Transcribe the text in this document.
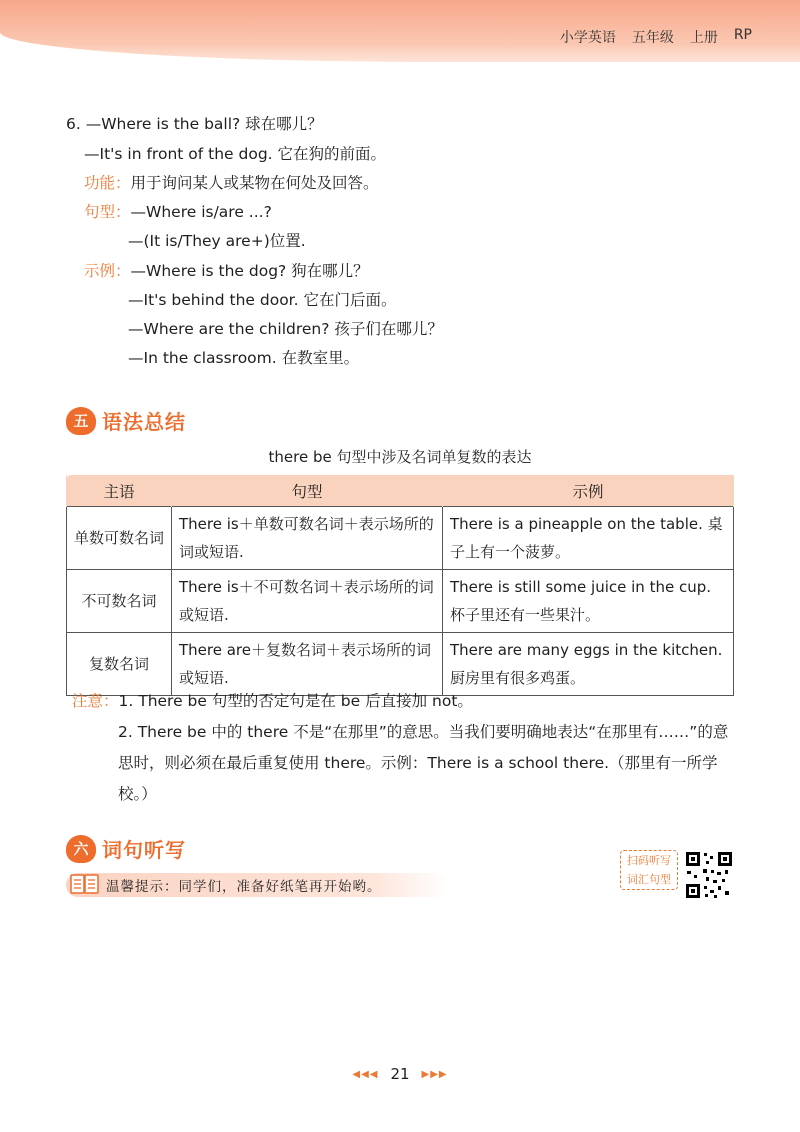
小学英语 五年级 上册 RP
6. —Where is the ball? 球在哪儿？
—It's in front of the dog. 它在狗的前面。
功能：用于询问某人或某物在何处及回答。
句型：—Where is/are ...?
—(It is/They are+)位置.
示例：—Where is the dog? 狗在哪儿？
—It's behind the door. 它在门后面。
—Where are the children? 孩子们在哪儿？
—In the classroom. 在教室里。
五 语法总结
there be 句型中涉及名词单复数的表达
主语	句型	示例
单数可数名词	There is＋单数可数名词＋表示场所的词或短语.	There is a pineapple on the table. 桌子上有一个菠萝。
不可数名词	There is＋不可数名词＋表示场所的词或短语.	There is still some juice in the cup. 杯子里还有一些果汁。
复数名词	There are＋复数名词＋表示场所的词或短语.	There are many eggs in the kitchen. 厨房里有很多鸡蛋。
注意：1. There be 句型的否定句是在 be 后直接加 not。
2. There be 中的 there 不是“在那里”的意思。当我们要明确地表达“在那里有……”的意思时，则必须在最后重复使用 there。示例：There is a school there.（那里有一所学校。）
六 词句听写
温馨提示：同学们，准备好纸笔再开始哟。
扫码听写 词汇句型
◀◀◀ 21 ▶▶▶
